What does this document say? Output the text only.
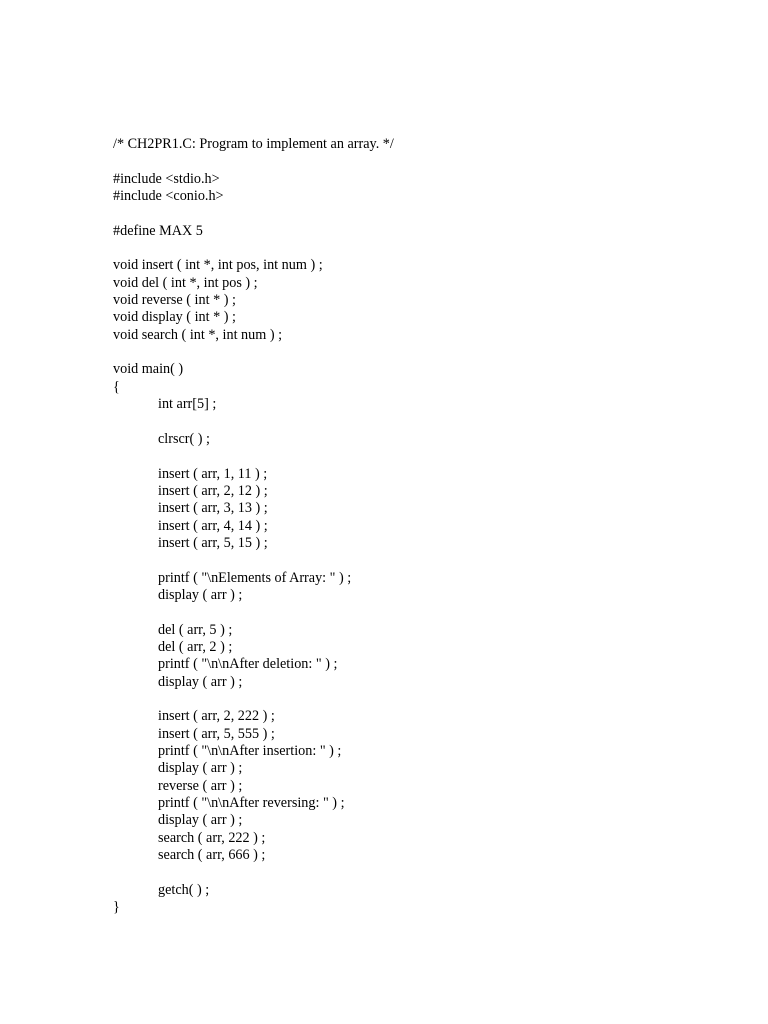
/* CH2PR1.C: Program to implement an array. */
#include <stdio.h>
#include <conio.h>
#define MAX 5
void insert ( int *, int pos, int num ) ;
void del ( int *, int pos ) ;
void reverse ( int * ) ;
void display ( int * ) ;
void search ( int *, int num ) ;
void main( )
{
int arr[5] ;
clrscr( ) ;
insert ( arr, 1, 11 ) ;
insert ( arr, 2, 12 ) ;
insert ( arr, 3, 13 ) ;
insert ( arr, 4, 14 ) ;
insert ( arr, 5, 15 ) ;
printf ( "\nElements of Array: " ) ;
display ( arr ) ;
del ( arr, 5 ) ;
del ( arr, 2 ) ;
printf ( "\n\nAfter deletion: " ) ;
display ( arr ) ;
insert ( arr, 2, 222 ) ;
insert ( arr, 5, 555 ) ;
printf ( "\n\nAfter insertion: " ) ;
display ( arr ) ;
reverse ( arr ) ;
printf ( "\n\nAfter reversing: " ) ;
display ( arr ) ;
search ( arr, 222 ) ;
search ( arr, 666 ) ;
getch( ) ;
}
